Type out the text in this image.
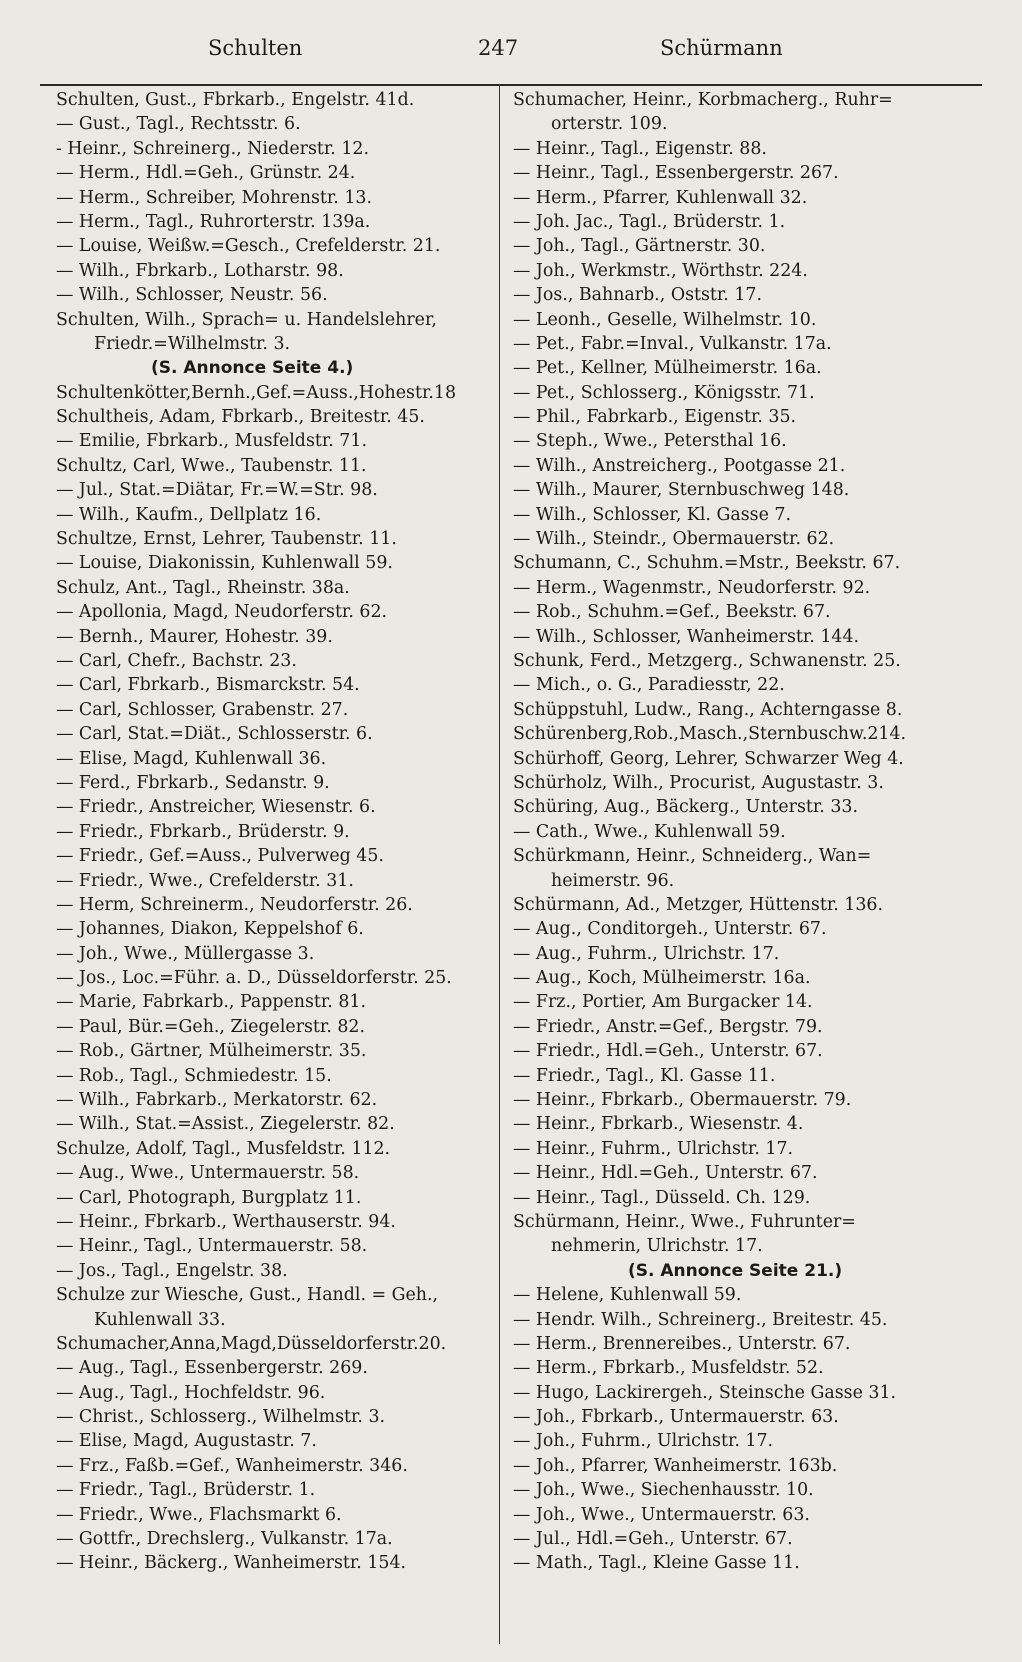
Schulten	247	Schürmann
Schulten, Gust., Fbrkarb., Engelstr. 41d.
— Gust., Tagl., Rechtsstr. 6.
- Heinr., Schreinerg., Niederstr. 12.
— Herm., Hdl.=Geh., Grünstr. 24.
— Herm., Schreiber, Mohrenstr. 13.
— Herm., Tagl., Ruhrorterstr. 139a.
— Louise, Weißw.=Gesch., Crefelderstr. 21.
— Wilh., Fbrkarb., Lotharstr. 98.
— Wilh., Schlosser, Neustr. 56.
Schulten, Wilh., Sprach= u. Handelslehrer,
Friedr.=Wilhelmstr. 3.
(S. Annonce Seite 4.)
Schultenkötter,Bernh.,Gef.=Auss.,Hohestr.18
Schultheis, Adam, Fbrkarb., Breitestr. 45.
— Emilie, Fbrkarb., Musfeldstr. 71.
Schultz, Carl, Wwe., Taubenstr. 11.
— Jul., Stat.=Diätar, Fr.=W.=Str. 98.
— Wilh., Kaufm., Dellplatz 16.
Schultze, Ernst, Lehrer, Taubenstr. 11.
— Louise, Diakonissin, Kuhlenwall 59.
Schulz, Ant., Tagl., Rheinstr. 38a.
— Apollonia, Magd, Neudorferstr. 62.
— Bernh., Maurer, Hohestr. 39.
— Carl, Chefr., Bachstr. 23.
— Carl, Fbrkarb., Bismarckstr. 54.
— Carl, Schlosser, Grabenstr. 27.
— Carl, Stat.=Diät., Schlosserstr. 6.
— Elise, Magd, Kuhlenwall 36.
— Ferd., Fbrkarb., Sedanstr. 9.
— Friedr., Anstreicher, Wiesenstr. 6.
— Friedr., Fbrkarb., Brüderstr. 9.
— Friedr., Gef.=Auss., Pulverweg 45.
— Friedr., Wwe., Crefelderstr. 31.
— Herm, Schreinerm., Neudorferstr. 26.
— Johannes, Diakon, Keppelshof 6.
— Joh., Wwe., Müllergasse 3.
— Jos., Loc.=Führ. a. D., Düsseldorferstr. 25.
— Marie, Fabrkarb., Pappenstr. 81.
— Paul, Bür.=Geh., Ziegelerstr. 82.
— Rob., Gärtner, Mülheimerstr. 35.
— Rob., Tagl., Schmiedestr. 15.
— Wilh., Fabrkarb., Merkatorstr. 62.
— Wilh., Stat.=Assist., Ziegelerstr. 82.
Schulze, Adolf, Tagl., Musfeldstr. 112.
— Aug., Wwe., Untermauerstr. 58.
— Carl, Photograph, Burgplatz 11.
— Heinr., Fbrkarb., Werthauserstr. 94.
— Heinr., Tagl., Untermauerstr. 58.
— Jos., Tagl., Engelstr. 38.
Schulze zur Wiesche, Gust., Handl. = Geh.,
Kuhlenwall 33.
Schumacher,Anna,Magd,Düsseldorferstr.20.
— Aug., Tagl., Essenbergerstr. 269.
— Aug., Tagl., Hochfeldstr. 96.
— Christ., Schlosserg., Wilhelmstr. 3.
— Elise, Magd, Augustastr. 7.
— Frz., Faßb.=Gef., Wanheimerstr. 346.
— Friedr., Tagl., Brüderstr. 1.
— Friedr., Wwe., Flachsmarkt 6.
— Gottfr., Drechslerg., Vulkanstr. 17a.
— Heinr., Bäckerg., Wanheimerstr. 154.
Schumacher, Heinr., Korbmacherg., Ruhr=
orterstr. 109.
— Heinr., Tagl., Eigenstr. 88.
— Heinr., Tagl., Essenbergerstr. 267.
— Herm., Pfarrer, Kuhlenwall 32.
— Joh. Jac., Tagl., Brüderstr. 1.
— Joh., Tagl., Gärtnerstr. 30.
— Joh., Werkmstr., Wörthstr. 224.
— Jos., Bahnarb., Oststr. 17.
— Leonh., Geselle, Wilhelmstr. 10.
— Pet., Fabr.=Inval., Vulkanstr. 17a.
— Pet., Kellner, Mülheimerstr. 16a.
— Pet., Schlosserg., Königsstr. 71.
— Phil., Fabrkarb., Eigenstr. 35.
— Steph., Wwe., Petersthal 16.
— Wilh., Anstreicherg., Pootgasse 21.
— Wilh., Maurer, Sternbuschweg 148.
— Wilh., Schlosser, Kl. Gasse 7.
— Wilh., Steindr., Obermauerstr. 62.
Schumann, C., Schuhm.=Mstr., Beekstr. 67.
— Herm., Wagenmstr., Neudorferstr. 92.
— Rob., Schuhm.=Gef., Beekstr. 67.
— Wilh., Schlosser, Wanheimerstr. 144.
Schunk, Ferd., Metzgerg., Schwanenstr. 25.
— Mich., o. G., Paradiesstr, 22.
Schüppstuhl, Ludw., Rang., Achterngasse 8.
Schürenberg,Rob.,Masch.,Sternbuschw.214.
Schürhoff, Georg, Lehrer, Schwarzer Weg 4.
Schürholz, Wilh., Procurist, Augustastr. 3.
Schüring, Aug., Bäckerg., Unterstr. 33.
— Cath., Wwe., Kuhlenwall 59.
Schürkmann, Heinr., Schneiderg., Wan=
heimerstr. 96.
Schürmann, Ad., Metzger, Hüttenstr. 136.
— Aug., Conditorgeh., Unterstr. 67.
— Aug., Fuhrm., Ulrichstr. 17.
— Aug., Koch, Mülheimerstr. 16a.
— Frz., Portier, Am Burgacker 14.
— Friedr., Anstr.=Gef., Bergstr. 79.
— Friedr., Hdl.=Geh., Unterstr. 67.
— Friedr., Tagl., Kl. Gasse 11.
— Heinr., Fbrkarb., Obermauerstr. 79.
— Heinr., Fbrkarb., Wiesenstr. 4.
— Heinr., Fuhrm., Ulrichstr. 17.
— Heinr., Hdl.=Geh., Unterstr. 67.
— Heinr., Tagl., Düsseld. Ch. 129.
Schürmann, Heinr., Wwe., Fuhrunter=
nehmerin, Ulrichstr. 17.
(S. Annonce Seite 21.)
— Helene, Kuhlenwall 59.
— Hendr. Wilh., Schreinerg., Breitestr. 45.
— Herm., Brennereibes., Unterstr. 67.
— Herm., Fbrkarb., Musfeldstr. 52.
— Hugo, Lackirergeh., Steinsche Gasse 31.
— Joh., Fbrkarb., Untermauerstr. 63.
— Joh., Fuhrm., Ulrichstr. 17.
— Joh., Pfarrer, Wanheimerstr. 163b.
— Joh., Wwe., Siechenhausstr. 10.
— Joh., Wwe., Untermauerstr. 63.
— Jul., Hdl.=Geh., Unterstr. 67.
— Math., Tagl., Kleine Gasse 11.
